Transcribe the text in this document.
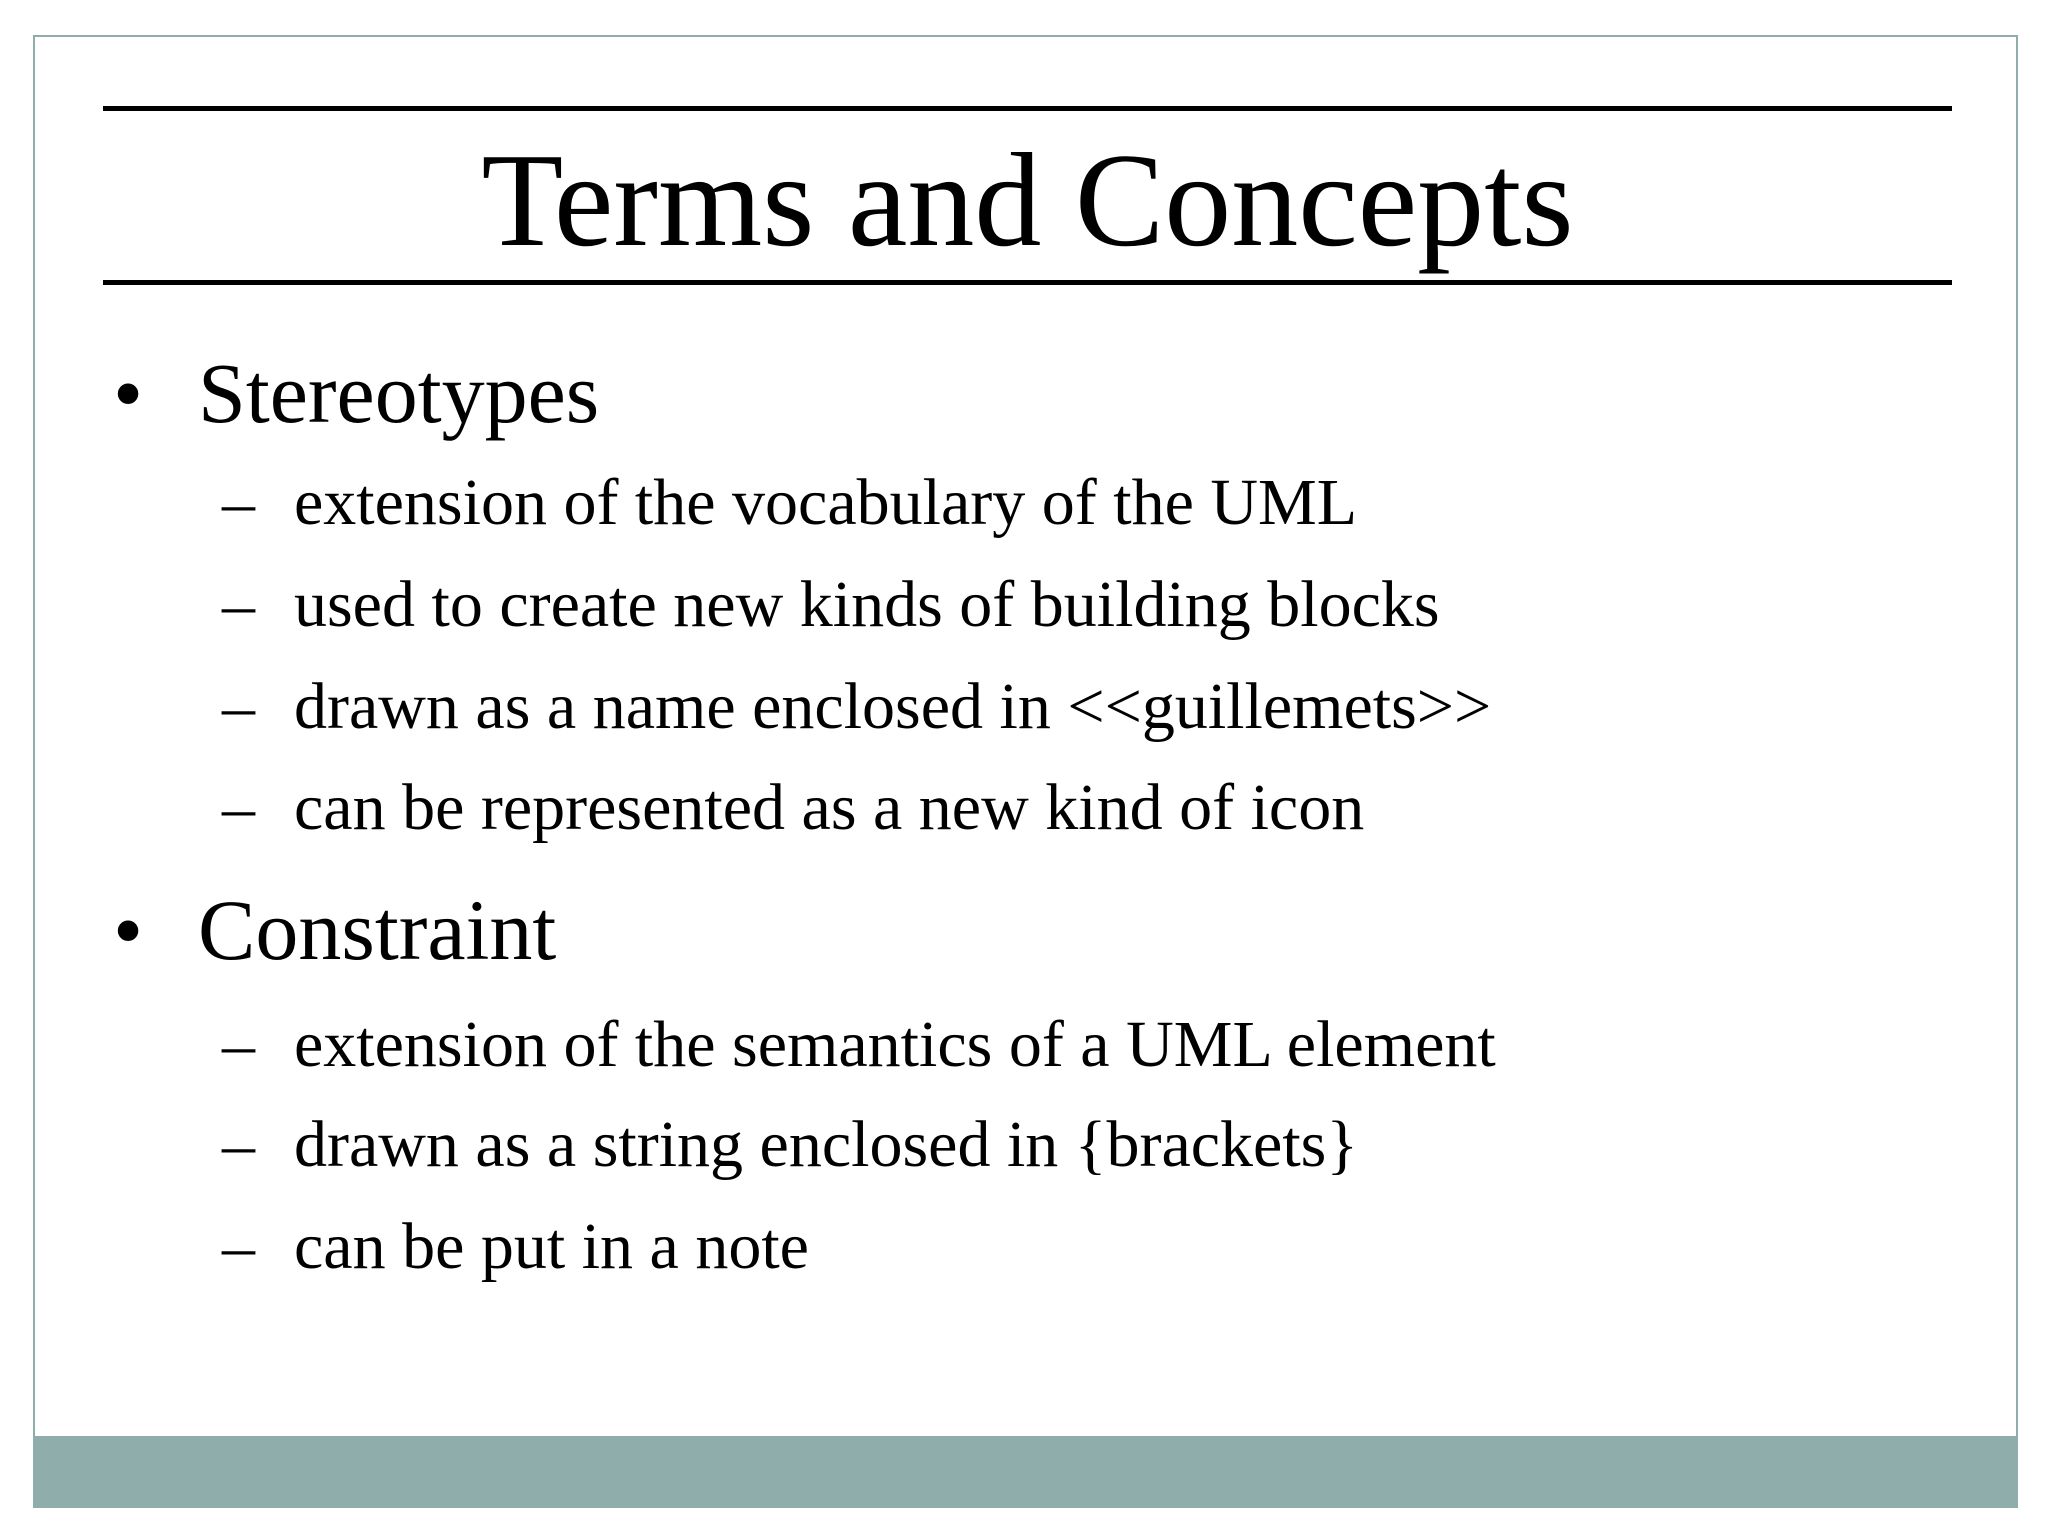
Terms and Concepts
• Stereotypes
– extension of the vocabulary of the UML
– used to create new kinds of building blocks
– drawn as a name enclosed in <<guillemets>>
– can be represented as a new kind of icon
• Constraint
– extension of the semantics of a UML element
– drawn as a string enclosed in {brackets}
– can be put in a note
